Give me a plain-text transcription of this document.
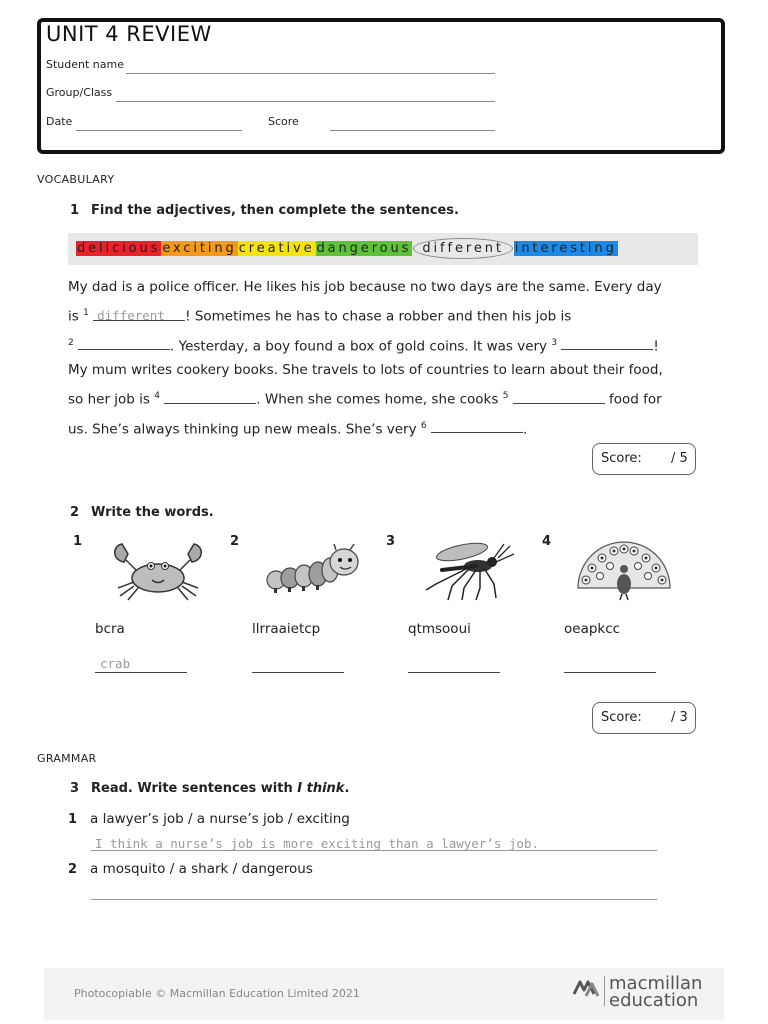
UNIT 4 REVIEW
Student name
Group/Class
Date	Score
VOCABULARY
1 Find the adjectives, then complete the sentences.
delicious exciting creative dangerous different interesting
My dad is a police officer. He likes his job because no two days are the same. Every day
is $^1$ different ! Sometimes he has to chase a robber and then his job is
$^2$	. Yesterday, a boy found a box of gold coins. It was very $^3$	!
My mum writes cookery books. She travels to lots of countries to learn about their food,
so her job is $^4$	. When she comes home, she cooks $^5$	food for
us. She’s always thinking up new meals. She’s very $^6$	.
Score: / 5
2 Write the words.
1	2	3	4
bcra	llrraaietcp	qtmsooui	oeapkcc
crab
Score: / 3
GRAMMAR
3 Read. Write sentences with I think.
1 a lawyer’s job / a nurse’s job / exciting
I think a nurse’s job is more exciting than a lawyer’s job.
2 a mosquito / a shark / dangerous
Photocopiable © Macmillan Education Limited 2021	macmillan
education
